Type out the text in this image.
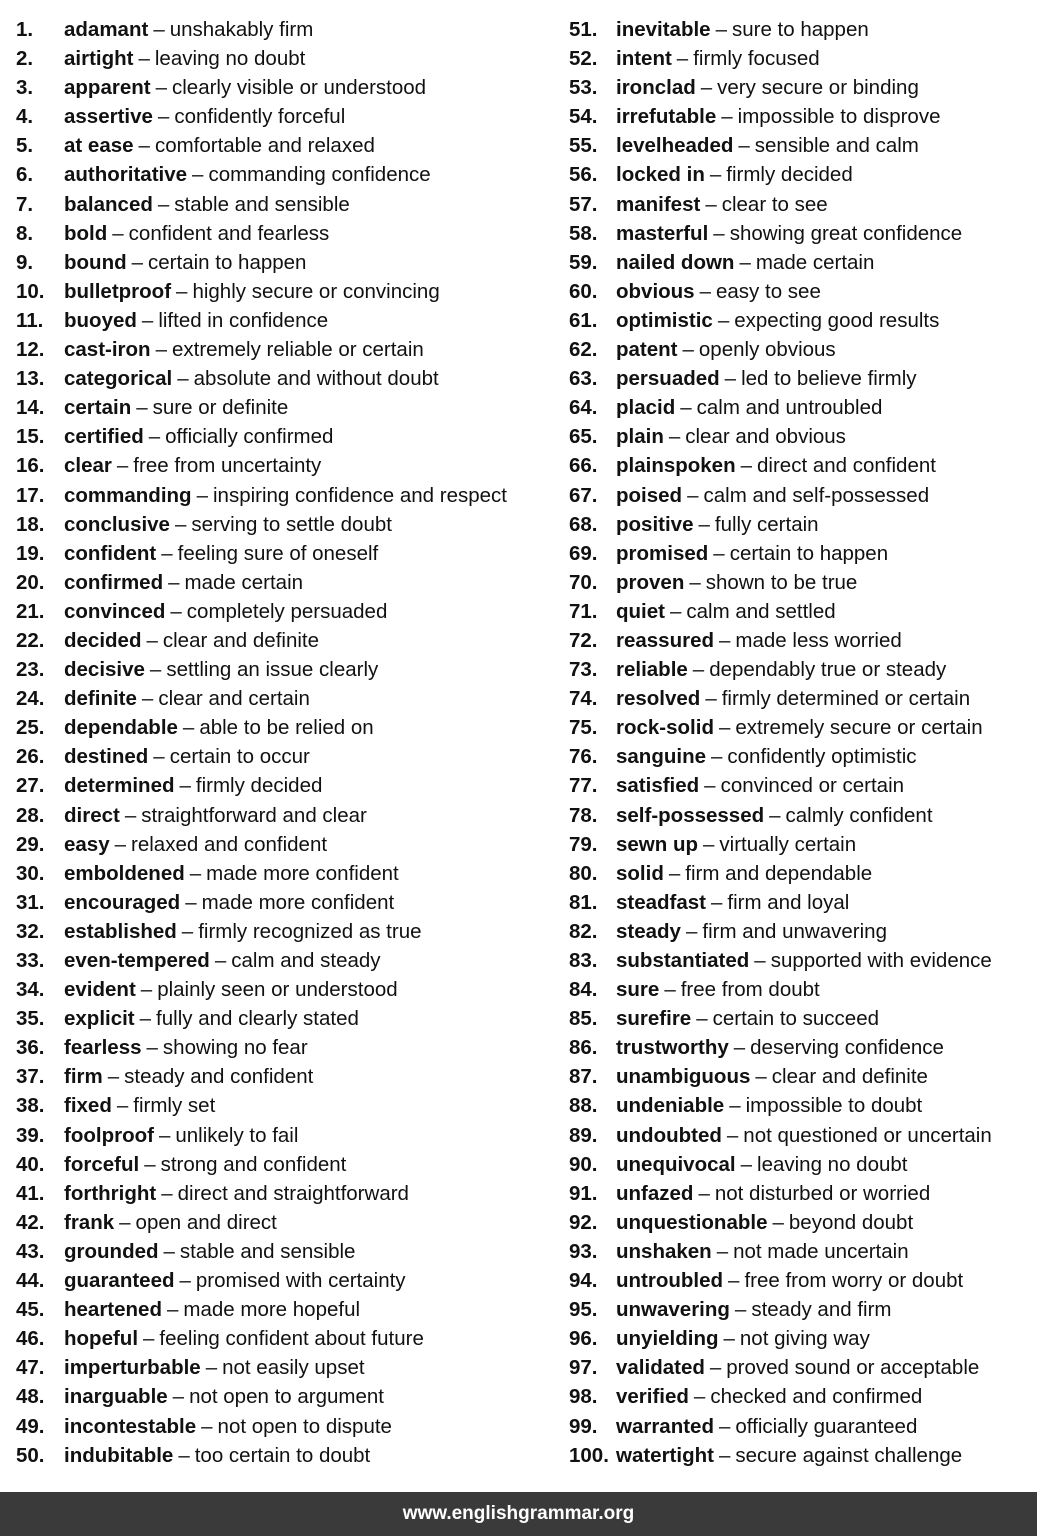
1.	adamant – unshakably firm
2.	airtight – leaving no doubt
3.	apparent – clearly visible or understood
4.	assertive – confidently forceful
5.	at ease – comfortable and relaxed
6.	authoritative – commanding confidence
7.	balanced – stable and sensible
8.	bold – confident and fearless
9.	bound – certain to happen
10. bulletproof – highly secure or convincing
11.	buoyed – lifted in confidence
12. cast-iron – extremely reliable or certain
13. categorical – absolute and without doubt
14. certain – sure or definite
15. certified – officially confirmed
16. clear – free from uncertainty
17. commanding – inspiring confidence and respect
18. conclusive – serving to settle doubt
19. confident – feeling sure of oneself
20. confirmed – made certain
21. convinced – completely persuaded
22. decided – clear and definite
23. decisive – settling an issue clearly
24. definite – clear and certain
25. dependable – able to be relied on
26. destined – certain to occur
27. determined – firmly decided
28. direct – straightforward and clear
29. easy – relaxed and confident
30. emboldened – made more confident
31. encouraged – made more confident
32. established – firmly recognized as true
33. even-tempered – calm and steady
34. evident – plainly seen or understood
35. explicit – fully and clearly stated
36. fearless – showing no fear
37. firm – steady and confident
38. fixed – firmly set
39. foolproof – unlikely to fail
40. forceful – strong and confident
41. forthright – direct and straightforward
42. frank – open and direct
43. grounded – stable and sensible
44. guaranteed – promised with certainty
45. heartened – made more hopeful
46. hopeful – feeling confident about future
47. imperturbable – not easily upset
48. inarguable – not open to argument
49. incontestable – not open to dispute
50. indubitable – too certain to doubt
51. inevitable – sure to happen
52. intent – firmly focused
53. ironclad – very secure or binding
54. irrefutable – impossible to disprove
55. levelheaded – sensible and calm
56. locked in – firmly decided
57. manifest – clear to see
58. masterful – showing great confidence
59. nailed down – made certain
60. obvious – easy to see
61. optimistic – expecting good results
62. patent – openly obvious
63. persuaded – led to believe firmly
64. placid – calm and untroubled
65. plain – clear and obvious
66. plainspoken – direct and confident
67. poised – calm and self-possessed
68. positive – fully certain
69. promised – certain to happen
70. proven – shown to be true
71. quiet – calm and settled
72. reassured – made less worried
73. reliable – dependably true or steady
74. resolved – firmly determined or certain
75. rock-solid – extremely secure or certain
76. sanguine – confidently optimistic
77. satisfied – convinced or certain
78. self-possessed – calmly confident
79. sewn up – virtually certain
80. solid – firm and dependable
81. steadfast – firm and loyal
82. steady – firm and unwavering
83. substantiated – supported with evidence
84. sure – free from doubt
85. surefire – certain to succeed
86. trustworthy – deserving confidence
87. unambiguous – clear and definite
88. undeniable – impossible to doubt
89. undoubted – not questioned or uncertain
90. unequivocal – leaving no doubt
91. unfazed – not disturbed or worried
92. unquestionable – beyond doubt
93. unshaken – not made uncertain
94. untroubled – free from worry or doubt
95. unwavering – steady and firm
96. unyielding – not giving way
97. validated – proved sound or acceptable
98. verified – checked and confirmed
99. warranted – officially guaranteed
100. watertight – secure against challenge
www.englishgrammar.org
